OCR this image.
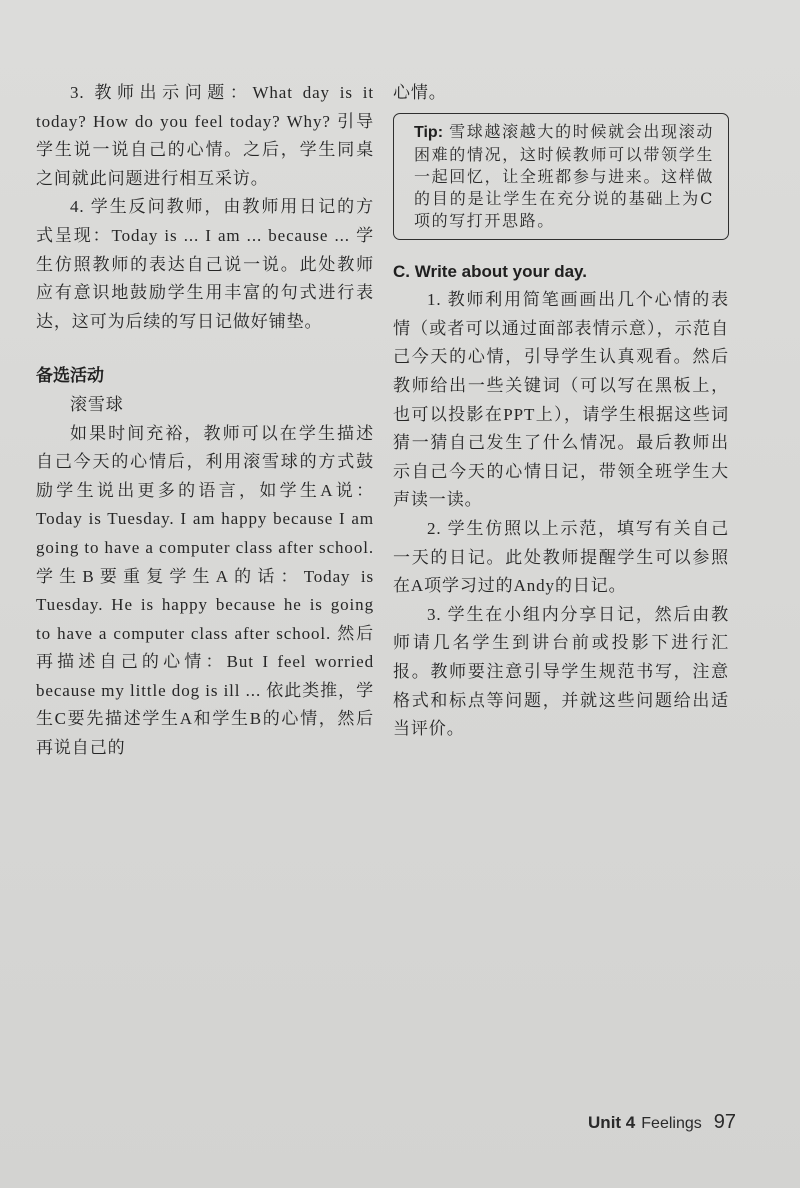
3. 教师出示问题：What day is it today? How do you feel today? Why? 引导学生说一说自己的心情。之后，学生同桌之间就此问题进行相互采访。

4. 学生反问教师，由教师用日记的方式呈现：Today is ... I am ... because ... 学生仿照教师的表达自己说一说。此处教师应有意识地鼓励学生用丰富的句式进行表达，这可为后续的写日记做好铺垫。

备选活动

滚雪球

如果时间充裕，教师可以在学生描述自己今天的心情后，利用滚雪球的方式鼓励学生说出更多的语言，如学生A说：Today is Tuesday. I am happy because I am going to have a computer class after school. 学生B要重复学生A的话：Today is Tuesday. He is happy because he is going to have a computer class after school. 然后再描述自己的心情：But I feel worried because my little dog is ill ... 依此类推，学生C要先描述学生A和学生B的心情，然后再说自己的

心情。

Tip: 雪球越滚越大的时候就会出现滚动困难的情况，这时候教师可以带领学生一起回忆，让全班都参与进来。这样做的目的是让学生在充分说的基础上为C项的写打开思路。
C. Write about your day.

1. 教师利用简笔画画出几个心情的表情（或者可以通过面部表情示意），示范自己今天的心情，引导学生认真观看。然后教师给出一些关键词（可以写在黑板上，也可以投影在PPT上），请学生根据这些词猜一猜自己发生了什么情况。最后教师出示自己今天的心情日记，带领全班学生大声读一读。

2. 学生仿照以上示范，填写有关自己一天的日记。此处教师提醒学生可以参照在A项学习过的Andy的日记。

3. 学生在小组内分享日记，然后由教师请几名学生到讲台前或投影下进行汇报。教师要注意引导学生规范书写，注意格式和标点等问题，并就这些问题给出适当评价。

Unit 4 Feelings 97
